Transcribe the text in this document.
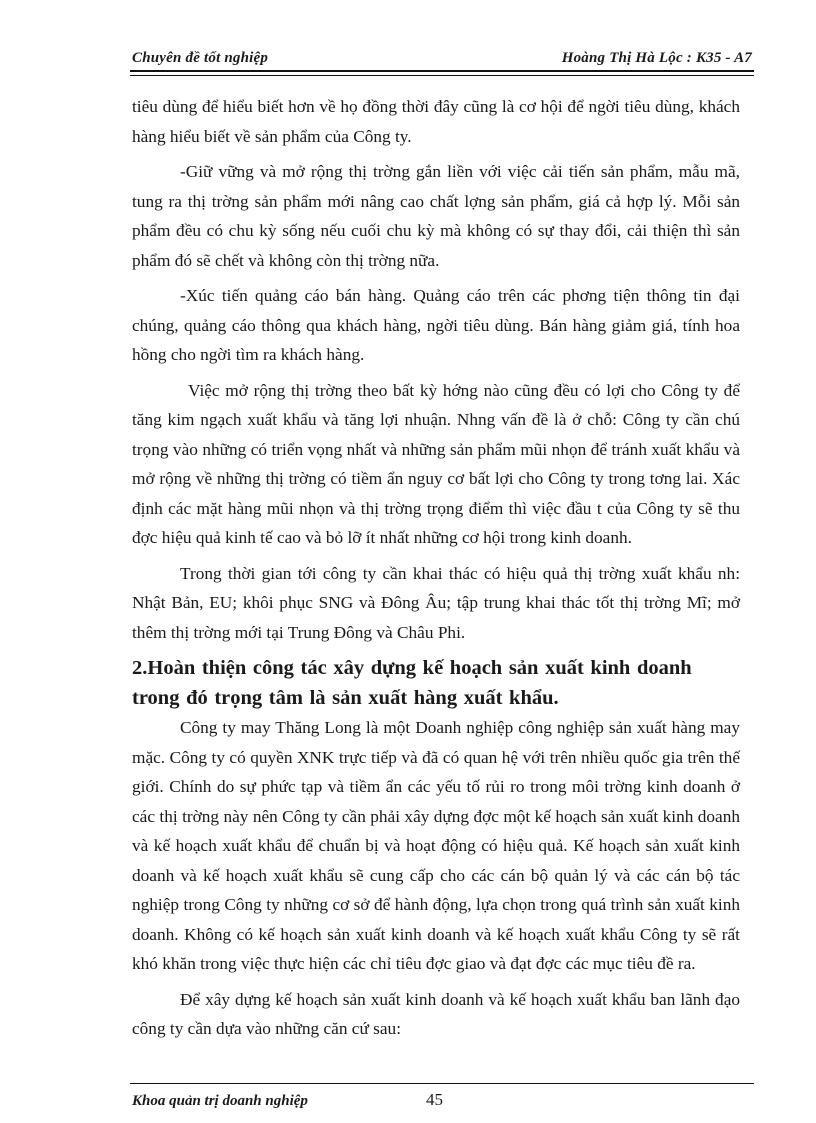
Chuyên đề tốt nghiệp	Hoàng Thị Hà Lộc : K35 - A7

tiêu dùng để hiểu biết hơn về họ đồng thời đây cũng là cơ hội để ngời tiêu dùng, khách hàng hiểu biết về sản phẩm của Công ty.

-Giữ vững và mở rộng thị trờng gắn liền với việc cải tiến sản phẩm, mẫu mã, tung ra thị trờng sản phẩm mới nâng cao chất lợng sản phẩm, giá cả hợp lý. Mỗi sản phẩm đều có chu kỳ sống nếu cuối chu kỳ mà không có sự thay đổi, cải thiện thì sản phẩm đó sẽ chết và không còn thị trờng nữa.

-Xúc tiến quảng cáo bán hàng. Quảng cáo trên các phơng tiện thông tin đại chúng, quảng cáo thông qua khách hàng, ngời tiêu dùng. Bán hàng giảm giá, tính hoa hồng cho ngời tìm ra khách hàng.

Việc mở rộng thị trờng theo bất kỳ hớng nào cũng đều có lợi cho Công ty để tăng kim ngạch xuất khẩu và tăng lợi nhuận. Nhng vấn đề là ở chỗ: Công ty cần chú trọng vào những có triển vọng nhất và những sản phẩm mũi nhọn để tránh xuất khẩu và mở rộng về những thị trờng có tiềm ẩn nguy cơ bất lợi cho Công ty trong tơng lai. Xác định các mặt hàng mũi nhọn và thị trờng trọng điểm thì việc đầu t của Công ty sẽ thu đợc hiệu quả kinh tế cao và bỏ lỡ ít nhất những cơ hội trong kinh doanh.

Trong thời gian tới công ty cần khai thác có hiệu quả thị trờng xuất khẩu nh: Nhật Bản, EU; khôi phục SNG và Đông Âu; tập trung khai thác tốt thị trờng Mĩ; mở thêm thị trờng mới tại Trung Đông và Châu Phi.

2.Hoàn thiện công tác xây dựng kế hoạch sản xuất kinh doanh trong đó trọng tâm là sản xuất hàng xuất khẩu.

Công ty may Thăng Long là một Doanh nghiệp công nghiệp sản xuất hàng may mặc. Công ty có quyền XNK trực tiếp và đã có quan hệ với trên nhiều quốc gia trên thế giới. Chính do sự phức tạp và tiềm ẩn các yếu tố rủi ro trong môi trờng kinh doanh ở các thị trờng này nên Công ty cần phải xây dựng đợc một kế hoạch sản xuất kinh doanh và kế hoạch xuất khẩu để chuẩn bị và hoạt động có hiệu quả. Kế hoạch sản xuất kinh doanh và kế hoạch xuất khẩu sẽ cung cấp cho các cán bộ quản lý và các cán bộ tác nghiệp trong Công ty những cơ sở để hành động, lựa chọn trong quá trình sản xuất kinh doanh. Không có kế hoạch sản xuất kinh doanh và kế hoạch xuất khẩu Công ty sẽ rất khó khăn trong việc thực hiện các chỉ tiêu đợc giao và đạt đợc các mục tiêu đề ra.

Để xây dựng kế hoạch sản xuất kinh doanh và kế hoạch xuất khẩu ban lãnh đạo công ty cần dựa vào những căn cứ sau:

Khoa quản trị doanh nghiệp	45
